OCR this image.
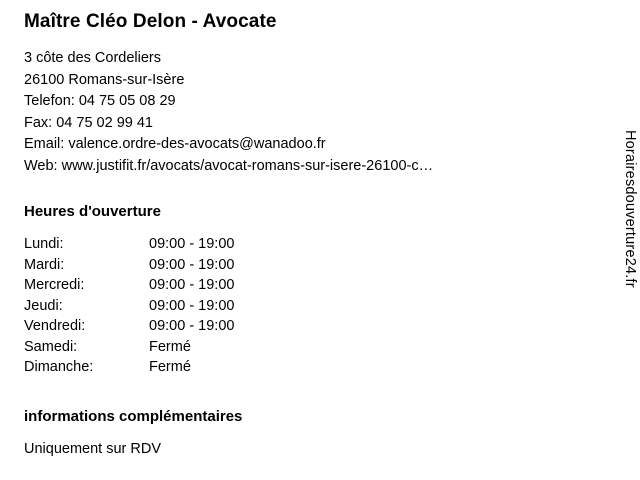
Maître Cléo Delon - Avocate
3 côte des Cordeliers
26100 Romans-sur-Isère
Telefon: 04 75 05 08 29
Fax: 04 75 02 99 41
Email: valence.ordre-des-avocats@wanadoo.fr
Web: www.justifit.fr/avocats/avocat-romans-sur-isere-26100-c…
Heures d'ouverture
Lundi:	09:00 - 19:00
Mardi:	09:00 - 19:00
Mercredi:	09:00 - 19:00
Jeudi:	09:00 - 19:00
Vendredi:	09:00 - 19:00
Samedi:	Fermé
Dimanche:	Fermé
informations complémentaires
Uniquement sur RDV
Horairesdouverture24.fr
